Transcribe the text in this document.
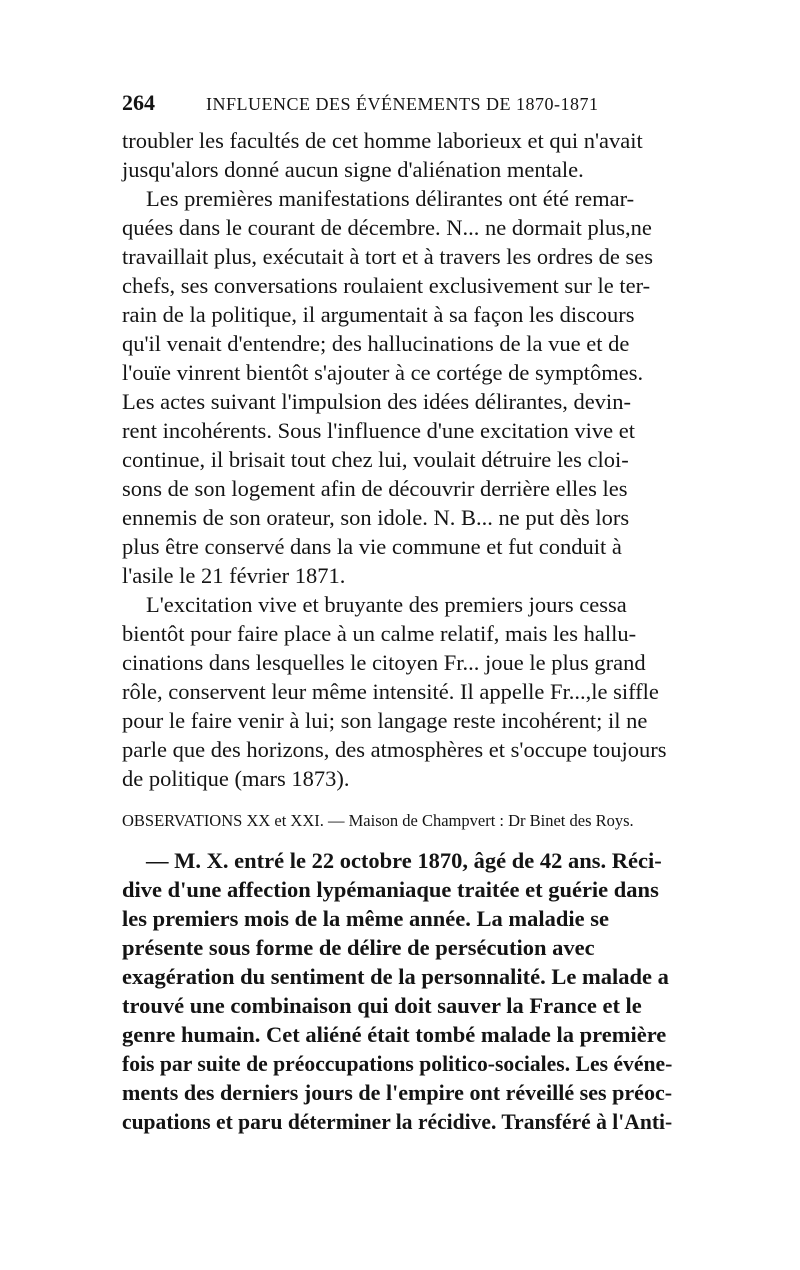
264	INFLUENCE DES ÉVÉNEMENTS DE 1870-1871
troubler les facultés de cet homme laborieux et qui n'avait
jusqu'alors donné aucun signe d'aliénation mentale.
Les premières manifestations délirantes ont été remar-
quées dans le courant de décembre. N... ne dormait plus,ne
travaillait plus, exécutait à tort et à travers les ordres de ses
chefs, ses conversations roulaient exclusivement sur le ter-
rain de la politique, il argumentait à sa façon les discours
qu'il venait d'entendre; des hallucinations de la vue et de
l'ouïe vinrent bientôt s'ajouter à ce cortége de symptômes.
Les actes suivant l'impulsion des idées délirantes, devin-
rent incohérents. Sous l'influence d'une excitation vive et
continue, il brisait tout chez lui, voulait détruire les cloi-
sons de son logement afin de découvrir derrière elles les
ennemis de son orateur, son idole. N. B... ne put dès lors
plus être conservé dans la vie commune et fut conduit à
l'asile le 21 février 1871.
L'excitation vive et bruyante des premiers jours cessa
bientôt pour faire place à un calme relatif, mais les hallu-
cinations dans lesquelles le citoyen Fr... joue le plus grand
rôle, conservent leur même intensité. Il appelle Fr...,le siffle
pour le faire venir à lui; son langage reste incohérent; il ne
parle que des horizons, des atmosphères et s'occupe toujours
de politique (mars 1873).
OBSERVATIONS XX et XXI. — Maison de Champvert : Dr Binet des Roys.
— M. X. entré le 22 octobre 1870, âgé de 42 ans. Réci-
dive d'une affection lypémaniaque traitée et guérie dans
les premiers mois de la même année. La maladie se
présente sous forme de délire de persécution avec
exagération du sentiment de la personnalité. Le malade a
trouvé une combinaison qui doit sauver la France et le
genre humain. Cet aliéné était tombé malade la première
fois par suite de préoccupations politico-sociales. Les événe-
ments des derniers jours de l'empire ont réveillé ses préoc-
cupations et paru déterminer la récidive. Transféré à l'Anti-
